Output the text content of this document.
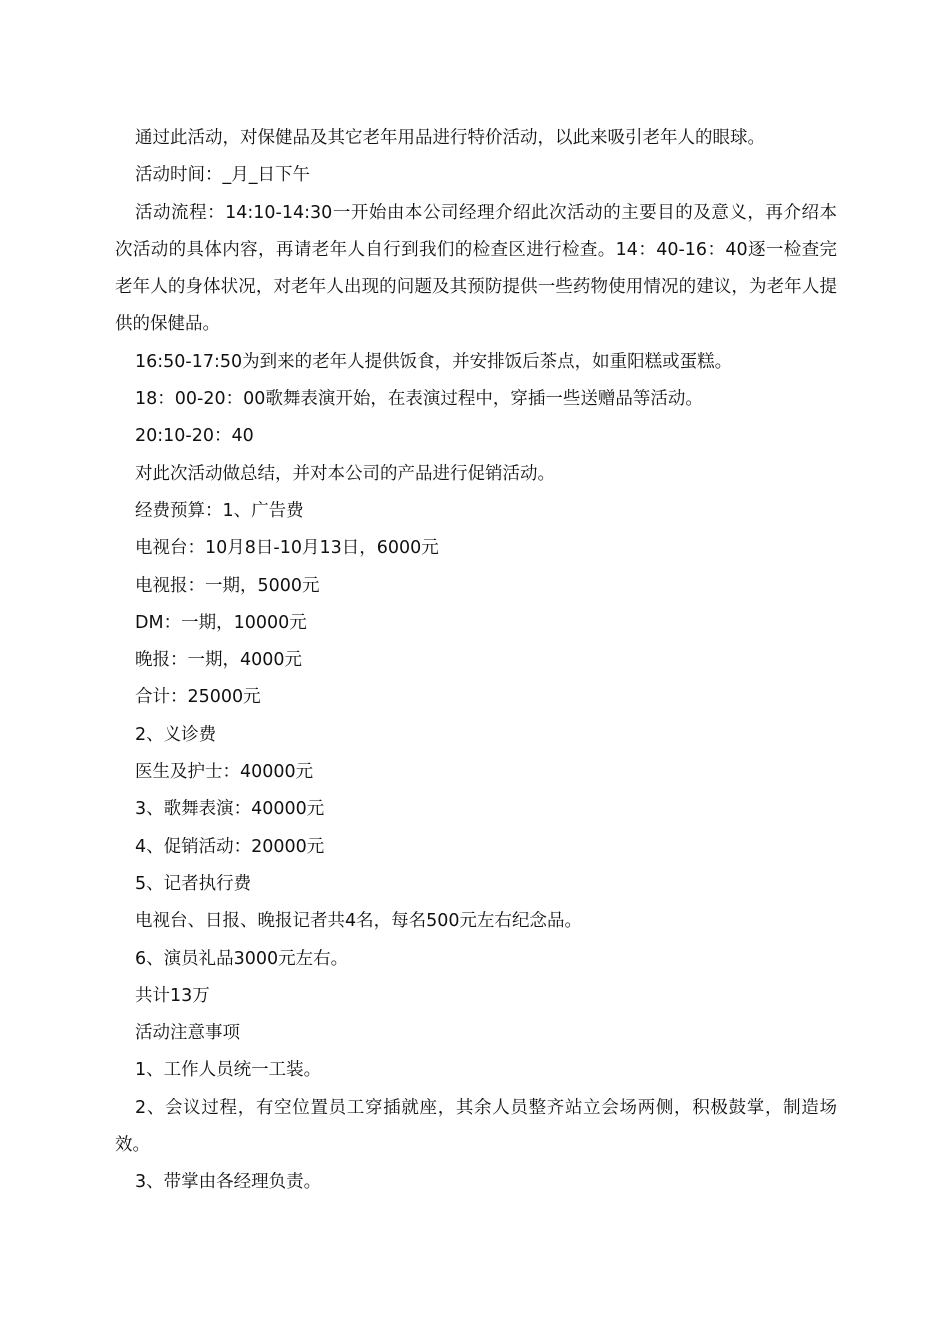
通过此活动，对保健品及其它老年用品进行特价活动，以此来吸引老年人的眼球。

活动时间：_月_日下午

活动流程：14:10-14:30一开始由本公司经理介绍此次活动的主要目的及意义，再介绍本次活动的具体内容，再请老年人自行到我们的检查区进行检查。14：40-16：40逐一检查完老年人的身体状况，对老年人出现的问题及其预防提供一些药物使用情况的建议，为老年人提供的保健品。

16:50-17:50为到来的老年人提供饭食，并安排饭后茶点，如重阳糕或蛋糕。

18：00-20：00歌舞表演开始，在表演过程中，穿插一些送赠品等活动。

20:10-20：40

对此次活动做总结，并对本公司的产品进行促销活动。

经费预算：1、广告费

电视台：10月8日-10月13日，6000元

电视报：一期，5000元

DM：一期，10000元

晚报：一期，4000元

合计：25000元

2、义诊费

医生及护士：40000元

3、歌舞表演：40000元

4、促销活动：20000元

5、记者执行费

电视台、日报、晚报记者共4名，每名500元左右纪念品。

6、演员礼品3000元左右。

共计13万

活动注意事项

1、工作人员统一工装。

2、会议过程，有空位置员工穿插就座，其余人员整齐站立会场两侧，积极鼓掌，制造场效。

3、带掌由各经理负责。
